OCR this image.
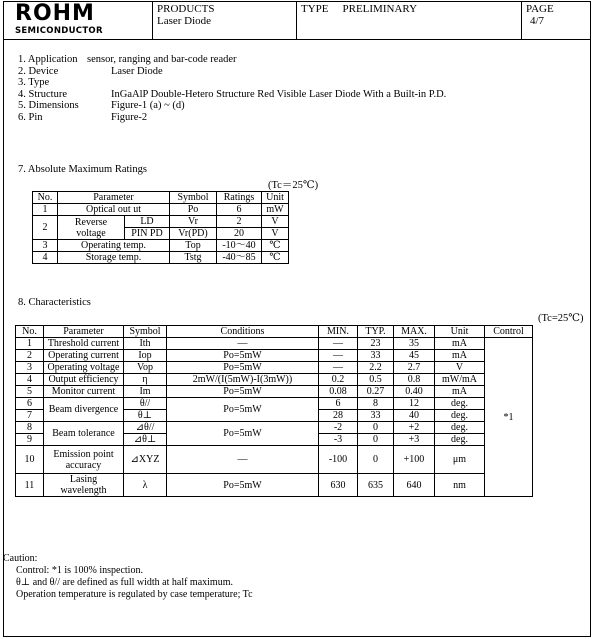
ROHM
SEMICONDUCTOR
PRODUCTS
Laser Diode
TYPE PRELIMINARY	PAGE
4/7
1. Application sensor, ranging and bar-code reader
2. Device	Laser Diode
3. Type
4. Structure	InGaAlP Double-Hetero Structure Red Visible Laser Diode With a Built-in P.D.
5. Dimensions	Figure-1 (a) ~ (d)
6. Pin	Figure-2
7. Absolute Maximum Ratings
(Tc＝25℃)
No.	Parameter		Symbol	Ratings	Unit
1	Optical out ut		Po	6	mW
2	Reverse voltage	LD	Vr	2	V
		PIN PD	Vr(PD)	20	V
3	Operating temp.		Top	-10～40	℃
4	Storage temp.		Tstg	-40～85	℃
8. Characteristics
(Tc=25℃)
No.	Parameter	Symbol	Conditions	MIN.	TYP.	MAX.	Unit	Control
1	Threshold current	Ith	—	—	23	35	mA	*1
2	Operating current	Iop	Po=5mW	—	33	45	mA	
3	Operating voltage	Vop	Po=5mW	—	2.2	2.7	V	
4	Output efficiency	η	2mW/(I(5mW)-I(3mW))	0.2	0.5	0.8	mW/mA	
5	Monitor current	Im	Po=5mW	0.08	0.27	0.40	mA	
6	Beam divergence	θ//	Po=5mW	6	8	12	deg.	
7		θ⊥		28	33	40	deg.	
8	Beam tolerance	⊿θ//	Po=5mW	-2	0	+2	deg.	
9		⊿θ⊥		-3	0	+3	deg.	
10	Emission point accuracy	⊿XYZ	—	-100	0	+100	μm	
11	Lasing wavelength	λ	Po=5mW	630	635	640	nm	
Caution:
Control: *1 is 100% inspection.
θ⊥ and θ// are defined as full width at half maximum.
Operation temperature is regulated by case temperature; Tc
